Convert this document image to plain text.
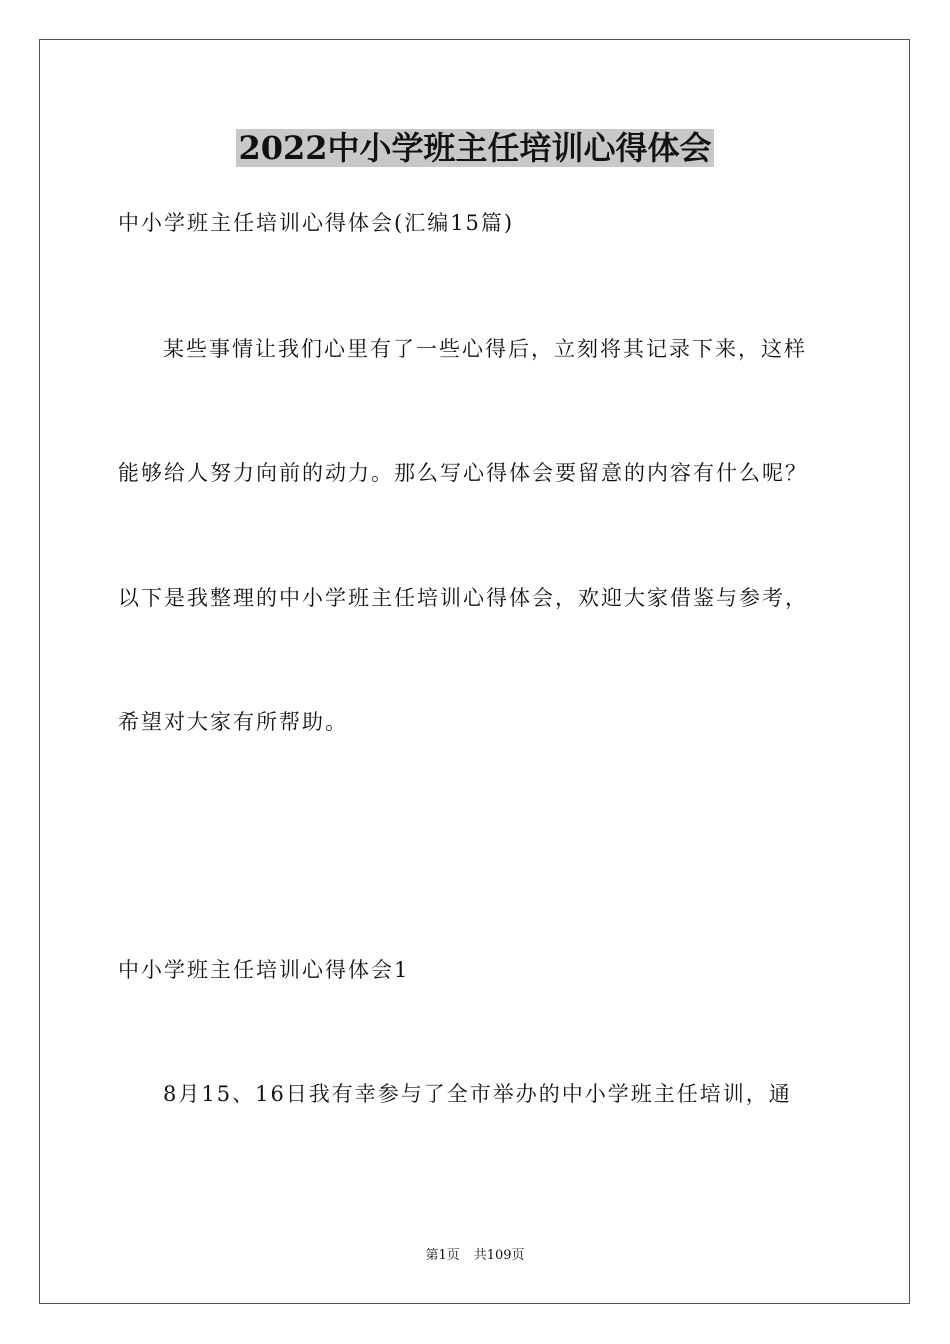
2022中小学班主任培训心得体会

中小学班主任培训心得体会(汇编15篇)

某些事情让我们心里有了一些心得后，立刻将其记录下来，这样

能够给人努力向前的动力。那么写心得体会要留意的内容有什么呢？

以下是我整理的中小学班主任培训心得体会，欢迎大家借鉴与参考，

希望对大家有所帮助。

中小学班主任培训心得体会1

8月15、16日我有幸参与了全市举办的中小学班主任培训，通

第1页 共109页
